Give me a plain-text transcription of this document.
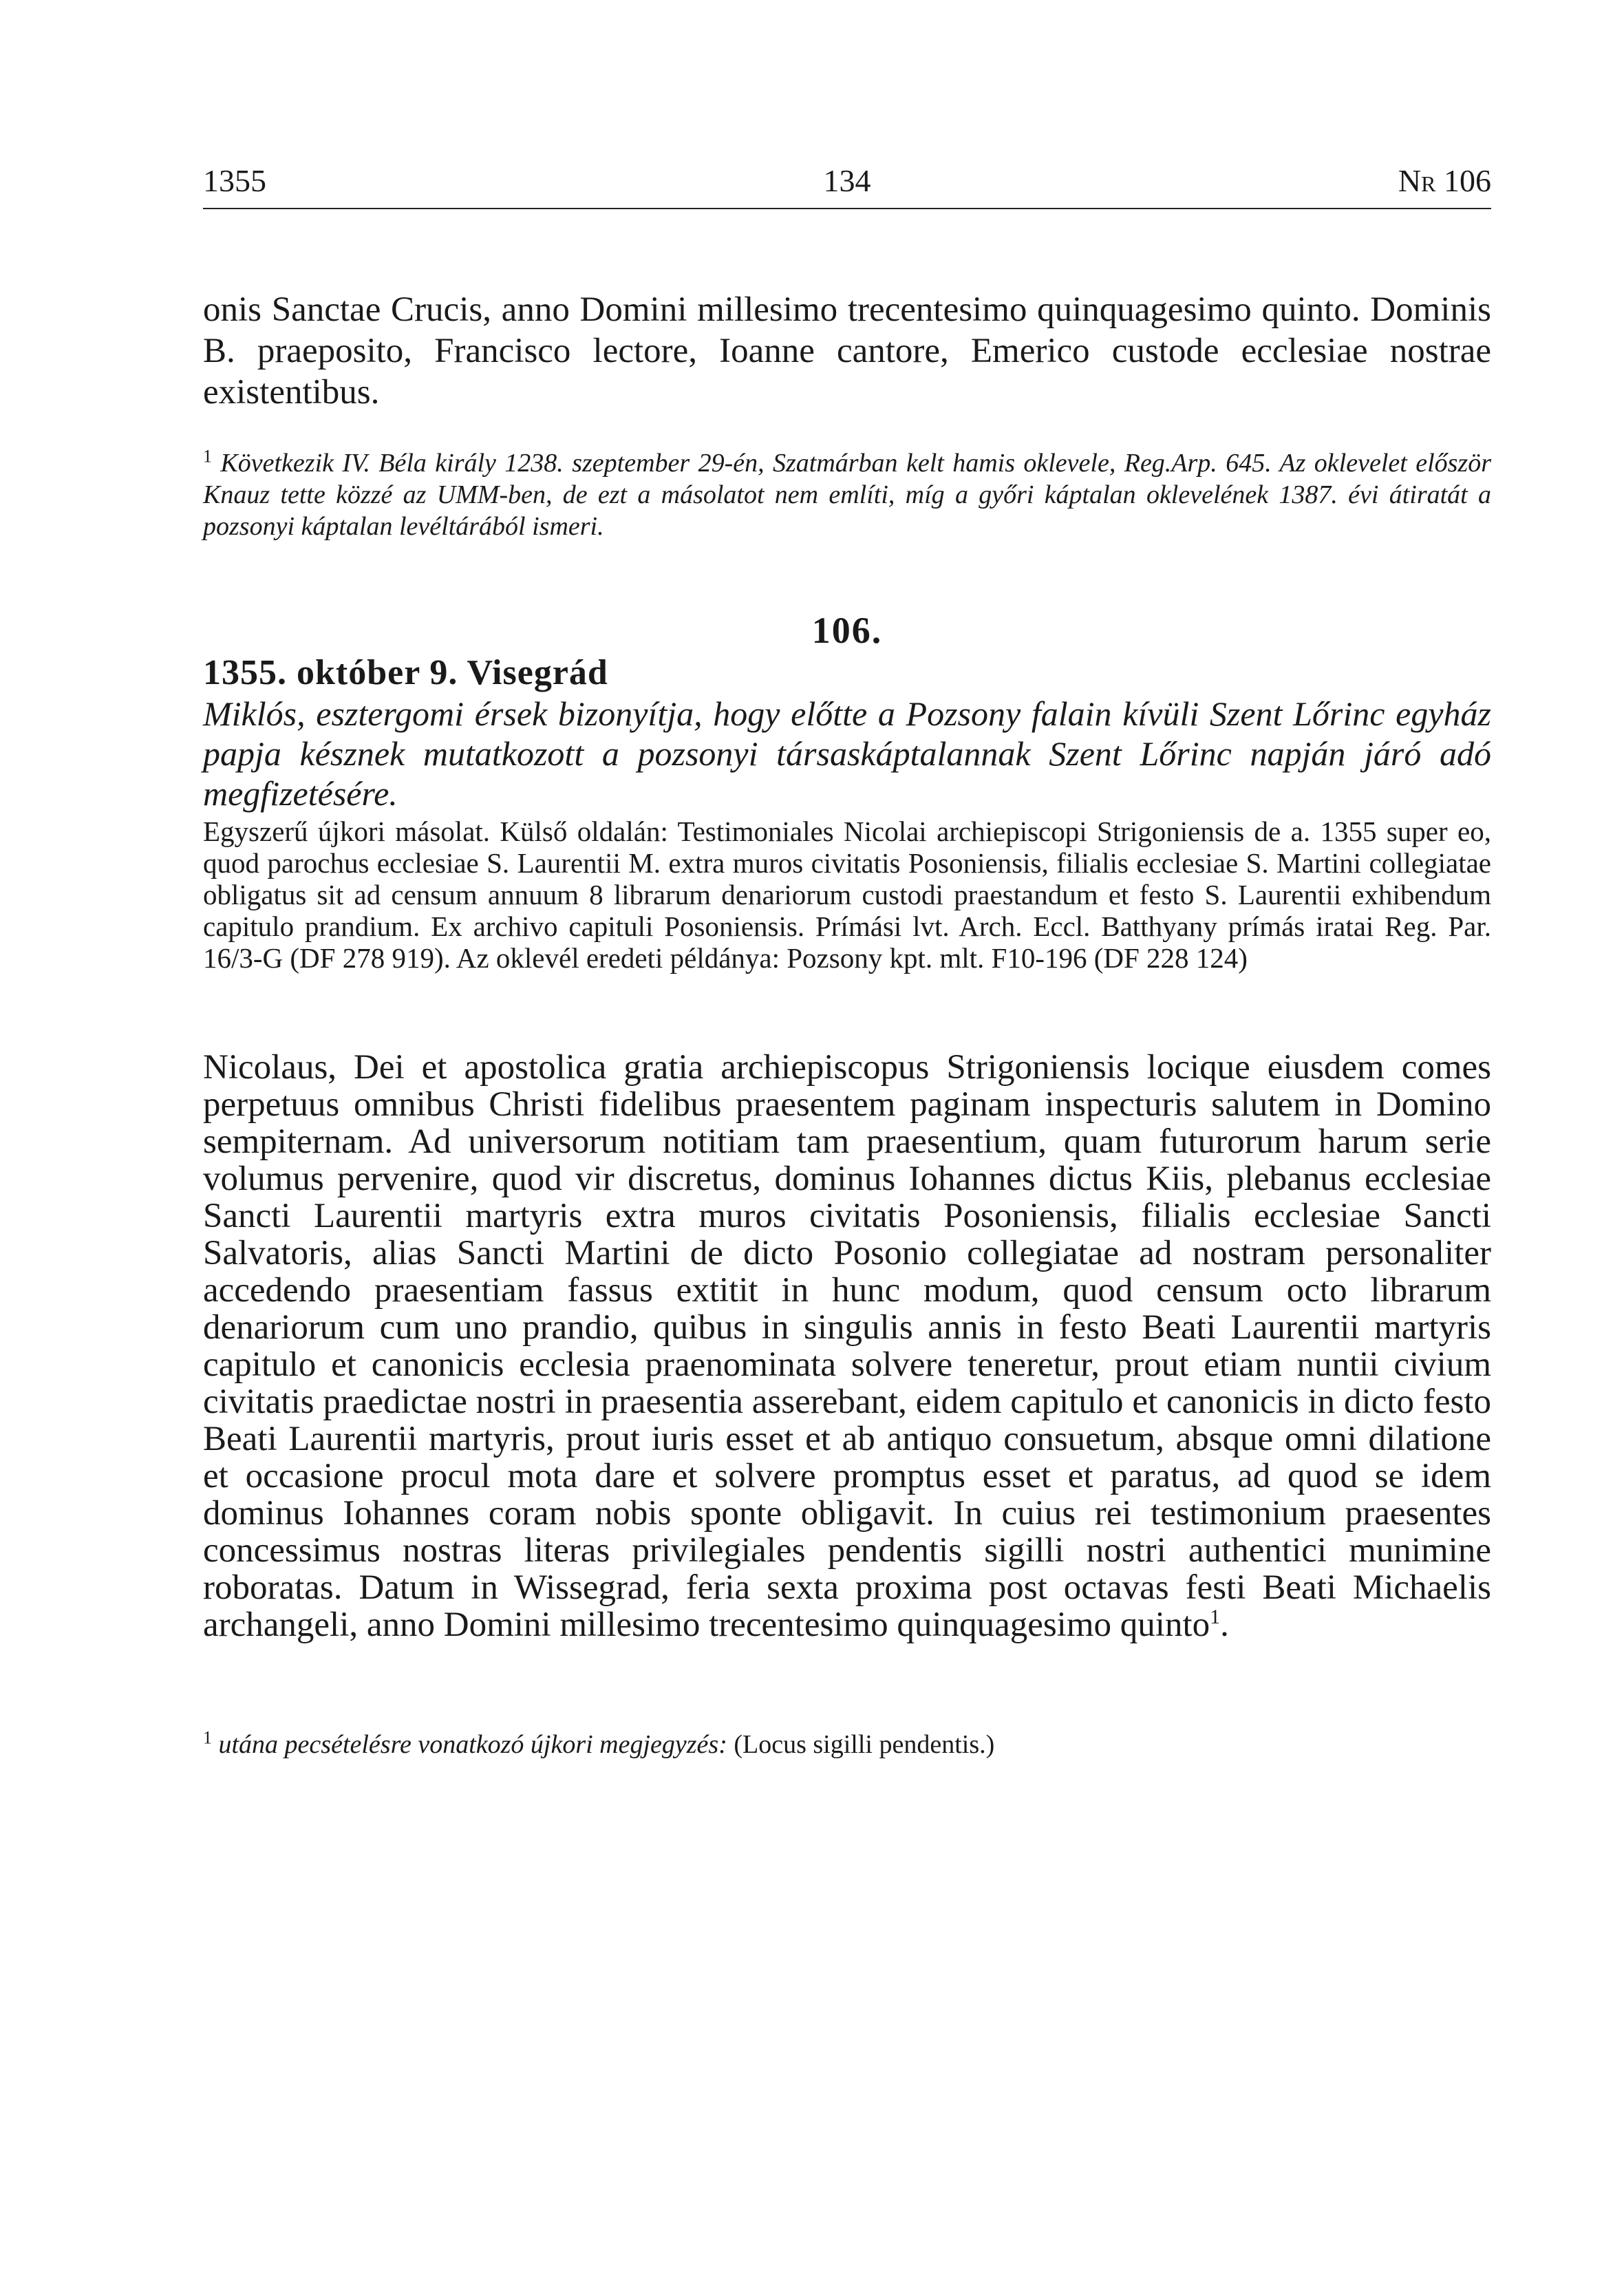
1355	134	Nr 106
onis Sanctae Crucis, anno Domini millesimo trecentesimo quinquagesimo quinto. Dominis B. praeposito, Francisco lectore, Ioanne cantore, Emerico custode ecclesiae nostrae existentibus.
$^1$ Következik IV. Béla király 1238. szeptember 29-én, Szatmárban kelt hamis oklevele, Reg.Arp. 645. Az oklevelet először Knauz tette közzé az UMM-ben, de ezt a másolatot nem említi, míg a győri káptalan oklevelének 1387. évi átiratát a pozsonyi káptalan levéltárából ismeri.
106.
1355. október 9. Visegrád
Miklós, esztergomi érsek bizonyítja, hogy előtte a Pozsony falain kívüli Szent Lőrinc egyház papja késznek mutatkozott a pozsonyi társaskáptalannak Szent Lőrinc napján járó adó megfizetésére.
Egyszerű újkori másolat. Külső oldalán: Testimoniales Nicolai archiepiscopi Strigoniensis de a. 1355 super eo, quod parochus ecclesiae S. Laurentii M. extra muros civitatis Posoniensis, filialis ecclesiae S. Martini collegiatae obligatus sit ad censum annuum 8 librarum denariorum custodi praestandum et festo S. Laurentii exhibendum capitulo prandium. Ex archivo capituli Posoniensis. Prímási lvt. Arch. Eccl. Batthyany prímás iratai Reg. Par. 16/3-G (DF 278 919). Az oklevél eredeti példánya: Pozsony kpt. mlt. F10-196 (DF 228 124)
Nicolaus, Dei et apostolica gratia archiepiscopus Strigoniensis locique eiusdem comes perpetuus omnibus Christi fidelibus praesentem paginam inspecturis salutem in Domino sempiternam. Ad universorum notitiam tam praesentium, quam futurorum harum serie volumus pervenire, quod vir discretus, dominus Iohannes dictus Kiis, plebanus ecclesiae Sancti Laurentii martyris extra muros civitatis Posoniensis, filialis ecclesiae Sancti Salvatoris, alias Sancti Martini de dicto Posonio collegiatae ad nostram personaliter accedendo praesentiam fassus extitit in hunc modum, quod censum octo librarum denariorum cum uno prandio, quibus in singulis annis in festo Beati Laurentii martyris capitulo et canonicis ecclesia praenominata solvere teneretur, prout etiam nuntii civium civitatis praedictae nostri in praesentia asserebant, eidem capitulo et canonicis in dicto festo Beati Laurentii martyris, prout iuris esset et ab antiquo consuetum, absque omni dilatione et occasione procul mota dare et solvere promptus esset et paratus, ad quod se idem dominus Iohannes coram nobis sponte obligavit. In cuius rei testimonium praesentes concessimus nostras literas privilegiales pendentis sigilli nostri authentici munimine roboratas. Datum in Wissegrad, feria sexta proxima post octavas festi Beati Michaelis archangeli, anno Domini millesimo trecentesimo quinquagesimo quinto$^1$.
$^1$ utána pecsételésre vonatkozó újkori megjegyzés: (Locus sigilli pendentis.)
